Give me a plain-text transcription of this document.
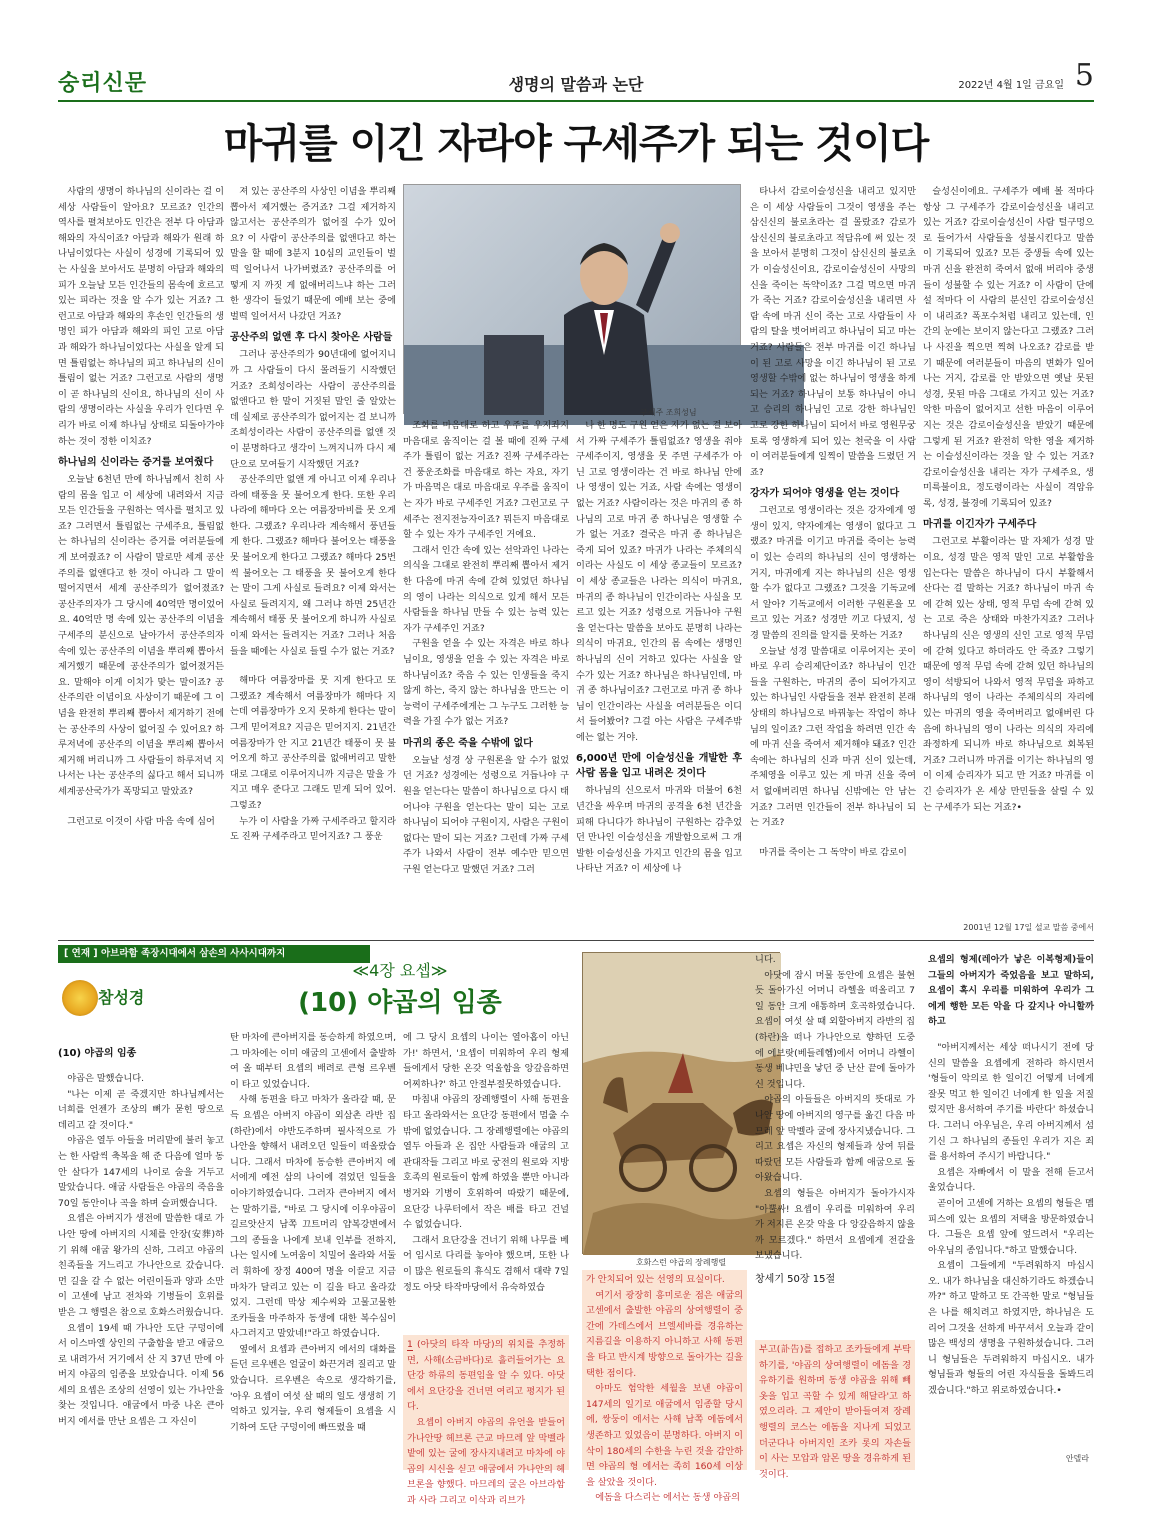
숭리신문	생명의 말씀과 논단	2022년 4월 1일 금요일 5
마귀를 이긴 자라야 구세주가 되는 것이다

사람의 생명이 하나님의 신이라는 걸 이 세상 사람들이 알아요? 모르죠? 인간의 역사를 펼쳐보아도 인간은 전부 다 아담과 해와의 자식이죠? 아담과 해와가 원래 하나님이었다는 사실이 성경에 기록되어 있는 사실을 보아서도 분명히 아담과 해와의 피가 오늘날 모든 인간들의 몸속에 흐르고 있는 피라는 것을 알 수가 있는 거죠? 그런고로 아담과 해와의 후손인 인간들의 생명인 피가 아담과 해와의 피인 고로 아담과 해와가 하나님이었다는 사실을 알게 되면 틀림없는 하나님의 피고 하나님의 신이 틀림이 없는 거죠? 그런고로 사람의 생명이 곧 하나님의 신이요, 하나님의 신이 사람의 생명이라는 사실을 우리가 인다면 우리가 바로 이제 하나님 상태로 되돌아가야 하는 것이 정한 이치죠?

하나님의 신이라는 증거를 보여줬다

오늘날 6천년 만에 하나님께서 친히 사람의 몸을 입고 이 세상에 내려와서 지금 모든 인간들을 구원하는 역사를 펼치고 있죠? 그러면서 틀림없는 구세주요, 틀림없는 하나님의 신이라는 증거를 여러분들에게 보여줬죠? 이 사람이 말로만 세계 공산주의를 없앤다고 한 것이 아니라 그 말이 떨어지면서 세계 공산주의가 없어졌죠? 공산주의자가 그 당시에 40억만 명이었어요. 40억만 명 속에 있는 공산주의 이념을 구세주의 분신으로 날아가서 공산주의자 속에 있는 공산주의 이념을 뿌리째 뽑아서 제거했기 때문에 공산주의가 없어졌거든요. 말해야 이게 이치가 맞는 말이죠? 공산주의란 이념이요 사상이기 때문에 그 이념을 완전히 뿌리째 뽑아서 제거하기 전에는 공산주의 사상이 없어질 수 있어요? 하루저녁에 공산주의 이념을 뿌리째 뽑아서 제거해 버리니까 그 사람들이 하루저녁 지나서는 나는 공산주의 싫다고 해서 되니까 세계공산국가가 폭망되고 말았죠?

그런고로 이것이 사람 마음 속에 심어

져 있는 공산주의 사상인 이념을 뿌리째 뽑아서 제거했는 증거죠? 그걸 제거하지 않고서는 공산주의가 없어질 수가 있어요? 이 사람이 공산주의를 없앤다고 하는 말을 할 때에 3분지 10심의 교인들이 벌떡 일어나서 나가버렸죠? 공산주의를 어떻게 지 까짓 게 없애버리느냐 하는 그러한 생각이 들었기 때문에 예배 보는 중에 벌떡 일어서서 나갔던 거죠?

공산주의 없앤 후 다시 찾아온 사람들

그러나 공산주의가 90년대에 없어지니까 그 사람들이 다시 몰려들기 시작했던 거죠? 조희성이라는 사람이 공산주의를 없앤다고 한 말이 거짓된 말인 줄 알았는데 실제로 공산주의가 없어지는 걸 보니까 조희성이라는 사람이 공산주의를 없앤 것이 분명하다고 생각이 느껴지니까 다시 제단으로 모여들기 시작했던 거죠?

공산주의만 없앤 게 아니고 이제 우리나라에 태풍을 못 불어오게 한다. 또한 우리나라에 해마다 오는 여름장마비를 못 오게 한다. 그랬죠? 우리나라 계속해서 풍년들게 한다. 그랬죠? 해마다 불어오는 태풍을 못 불어오게 한다고 그랬죠? 해마다 25번씩 불어오는 그 태풍을 못 불어오게 한다는 말이 그게 사실로 들려요? 이제 와서는 사실로 들려지지, 왜 그러냐 하면 25년간 계속해서 태풍 못 불어오게 하니까 사실로 이제 와서는 들려지는 거죠? 그러나 처음 들을 때에는 사실로 들릴 수가 없는 거죠?

해마다 여름장마를 못 지게 한다고 또 그랬죠? 계속해서 여름장마가 해마다 지는데 여름장마가 오지 못하게 한다는 말이 그게 믿어져요? 지금은 믿어지지. 21년간 여름장마가 안 지고 21년간 태풍이 못 불어오게 하고 공산주의를 없애버리고 말한 대로 그대로 이루어지니까 지금은 말을 가지고 매우 준다고 그래도 믿게 되어 있어. 그렇죠?

누가 이 사람을 가짜 구세주라고 할지라도 진짜 구세주라고 믿어지죠? 그 풍운

구세주 조희성님

조화를 마음대로 하고 우주를 우지좌지 마음대로 움직이는 걸 볼 때에 진짜 구세주가 틀림이 없는 거죠? 진짜 구세주라는 건 풍운조화를 마음대로 하는 자요, 자기가 마음먹은 대로 마음대로 우주를 움직이는 자가 바로 구세주인 거죠? 그런고로 구세주는 전지전능자이죠? 뭐든지 마음대로 할 수 있는 자가 구세주인 거에요.

그래서 인간 속에 있는 선악과인 나라는 의식을 그대로 완전히 뿌리째 뽑아서 제거한 다음에 마귀 속에 갇혀 있었던 하나님의 영이 나라는 의식으로 있게 해서 모든 사람들을 하나님 만들 수 있는 능력 있는 자가 구세주인 거죠?

구원을 얻을 수 있는 자격은 바로 하나님이요, 영생을 얻을 수 있는 자격은 바로 하나님이죠? 죽음 수 있는 인생들을 죽지 않게 하는, 죽지 않는 하나님을 만드는 이 능력이 구세주에게는 그 누구도 그러한 능력을 가질 수가 없는 거죠?

마귀의 종은 죽을 수밖에 없다

오늘날 성경 상 구원론을 알 수가 없었던 거죠? 성경에는 성령으로 거듭나야 구원을 얻는다는 말씀이 하나님으로 다시 태어나야 구원을 얻는다는 말이 되는 고로 하나님이 되어야 구원이지, 사람은 구원이 없다는 말이 되는 거죠? 그런데 가짜 구세주가 나와서 사람이 전부 예수만 믿으면 구원 얻는다고 말했던 거죠? 그러

나 한 명도 구원 얻은 자가 없는 걸 보아서 가짜 구세주가 틀림없죠? 영생을 줘야 구세주이지, 영생을 못 주면 구세주가 아닌 고로 영생이라는 건 바로 하나님 안에나 영생이 있는 거죠, 사람 속에는 영생이 없는 거죠? 사람이라는 것은 마귀의 종 하나님의 고로 마귀 종 하나님은 영생할 수가 없는 거죠? 결국은 마귀 종 하나님은 죽게 되어 있죠? 마귀가 나라는 주체의식이라는 사실도 이 세상 종교들이 모르죠? 이 세상 종교들은 나라는 의식이 마귀요, 마귀의 종 하나님이 인간이라는 사실을 모르고 있는 거죠? 성령으로 거듭나야 구원을 얻는다는 말씀을 보아도 분명히 나라는 의식이 마귀요, 인간의 몸 속에는 생명인 하나님의 신이 거하고 있다는 사실을 알 수가 있는 거죠? 하나님은 하나님인데, 마귀 종 하나님이죠? 그런고로 마귀 종 하나님이 인간이라는 사실을 여러분들은 이디서 들어봤어? 그걸 아는 사람은 구세주밖에는 없는 거야.

6,000년 만에 이슬성신을 개발한 후 사람 몸을 입고 내려온 것이다

하나님의 신으로서 마귀와 더불어 6천 년간을 싸우며 마귀의 공격을 6천 년간을 피해 다니다가 하나님이 구원하는 감추었던 만나인 이슬성신을 개발함으로써 그 개발한 이슬성신을 가지고 인간의 몸을 입고 나타난 거죠? 이 세상에 나

타나서 감로이슬성신을 내리고 있지만은 이 세상 사람들이 그것이 영생을 주는 삼신신의 불로초라는 걸 몰랐죠? 감로가 삼신신의 불로초라고 적담유에 써 있는 것을 보아서 분명히 그것이 삼신신의 불로초가 이슬성신이요, 감로이슬성신이 사망의 신을 죽이는 독약이죠? 그걸 먹으면 마귀가 죽는 거죠? 감로이슬성신을 내리면 사람 속에 마귀 신이 죽는 고로 사람들이 사람의 탈을 벗어버리고 하나님이 되고 마는 거죠? 사람들은 전부 마귀를 이긴 하나님이 된 고로 사망을 이긴 하나님이 된 고로 영생할 수밖에 없는 하나님이 영생을 하게 되는 거죠? 하나님이 보통 하나님이 아니고 승리의 하나님인 고로 강한 하나님인 고로 강한 하나님이 되어서 바로 영원무궁토록 영생하게 되어 있는 천국을 이 사람이 여러분들에게 일찍이 말씀을 드렸던 거죠?

강자가 되어야 영생을 얻는 것이다

그런고로 영생이라는 것은 강자에게 영생이 있지, 약자에게는 영생이 없다고 그랬죠? 마귀를 이기고 마귀를 죽이는 능력이 있는 승리의 하나님의 신이 영생하는 거지, 마귀에게 지는 하나님의 신은 영생할 수가 없다고 그랬죠? 그것을 기독교에서 알아? 기독교에서 이러한 구원론을 모르고 있는 거죠? 성경만 끼고 다녔지, 성경 말씀의 진의를 알지를 못하는 거죠?

오늘날 성경 말씀대로 이루어지는 곳이 바로 우리 승리제단이죠? 하나님이 인간들을 구원하는, 마귀의 종이 되어가지고 있는 하나님인 사람들을 전부 완전히 본래 상태의 하나님으로 바꿔놓는 작업이 하나님의 일이죠? 그런 작업을 하려면 인간 속에 마귀 신을 죽여서 제거해야 돼죠? 인간 속에는 하나님의 신과 마귀 신이 있는데, 주체영을 이루고 있는 게 마귀 신을 죽여서 없애버리면 하나님 신밖에는 안 남는 거죠? 그러면 인간들이 전부 하나님이 되는 거죠?

마귀를 죽이는 그 독약이 바로 감로이

슬성신이에요. 구세주가 예배 볼 적마다 항상 그 구세주가 감로이슬성신을 내리고 있는 거죠? 감로이슬성신이 사람 털구멍으로 들어가서 사람들을 성불시킨다고 말씀이 기록되어 있죠? 모든 중생들 속에 있는 마귀 신을 완전히 죽여서 없애 버리야 중생들이 성불할 수 있는 거죠? 이 사람이 단에 설 적마다 이 사람의 분신인 감로이슬성신이 내리죠? 폭포수처럼 내리고 있는데, 인간의 눈에는 보이지 않는다고 그랬죠? 그러나 사진을 찍으면 찍혀 나오죠? 감로를 받기 때문에 여러분들이 마음의 변화가 일어나는 거지, 감로를 안 받았으면 옛날 못된 성경, 못된 마음 그대로 가지고 있는 거죠? 악한 마음이 없어지고 선한 마음이 이루어지는 것은 감로이슬성신을 받았기 때문에 그렇게 된 거죠? 완전히 악한 영을 제거하는 이슬성신이라는 것을 알 수 있는 거죠? 감로이슬성신을 내리는 자가 구세주요, 생미륵불이요, 정도령이라는 사실이 격암유록, 성경, 불경에 기록되어 있죠?

마귀를 이긴자가 구세주다

그런고로 부활이라는 말 자체가 성경 말이요, 성경 말은 영적 말인 고로 부활함을 입는다는 말씀은 하나님이 다시 부활해서 산다는 걸 말하는 거죠? 하나님이 마귀 속에 갇혀 있는 상태, 영적 무덤 속에 갇혀 있는 고로 죽은 상태와 마찬가지죠? 그러나 하나님의 신은 영생의 신인 고로 영적 무덤에 갇혀 있다고 하더라도 안 죽죠? 그렇기 때문에 영적 무덤 속에 갇혀 있던 하나님의 영이 석방되어 나와서 영적 무덤을 파하고 하나님의 영이 나라는 주체의식의 자리에 있는 마귀의 영을 죽여버리고 없애버린 다음에 하나님의 영이 나라는 의식의 자리에 좌정하게 되니까 바로 하나님으로 회복된 거죠? 그러니까 마귀를 이기는 하나님의 영이 이제 승리자가 되고 만 거죠? 마귀를 이긴 승리자가 온 세상 만민들을 살릴 수 있는 구세주가 되는 거죠?•

2001년 12월 17일 설교 말씀 중에서
[ 연재 ] 아브라함 족장시대에서 삼손의 사사시대까지
≪4장 요셉≫
(10) 야곱의 임종
참성경
(10) 야곱의 임종

야곱은 말했습니다.

"나는 이제 곧 죽겠지만 하나님께서는 너희를 언젠가 조상의 뼈가 묻힌 땅으로 데리고 갈 것이다."

야곱은 열두 아들을 머리맡에 불러 놓고는 한 사람씩 축복을 해 준 다음에 얼마 동안 살다가 147세의 나이로 숨을 거두고 말았습니다. 애굽 사람들은 야곱의 죽음을 70일 동안이나 곡을 하며 슬퍼했습니다.

요셉은 아버지가 생전에 말씀한 대로 가나안 땅에 아버지의 시체를 안장(安葬)하기 위해 애굽 왕가의 신하, 그리고 야곱의 친족들을 거느리고 가나안으로 갔습니다. 먼 길을 갈 수 없는 어린이들과 양과 소만이 고센에 남고 전차와 기병들이 호위를 받은 그 행렬은 참으로 호화스러웠습니다.

요셉이 19세 때 가나안 도단 구덩이에서 이스마엘 상인의 구출함을 받고 애굽으로 내려가서 거기에서 산 지 37년 만에 아버지 야곱의 임종을 보았습니다. 이제 56세의 요셉은 조상의 선영이 있는 가나안을 찾는 것입니다. 애굽에서 마중 나온 큰아버지 에서를 만난 요셉은 그 자신이

탄 마차에 큰아버지를 동승하게 하였으며, 그 마차에는 이미 애굽의 고센에서 출발하여 올 때부터 요셉의 배려로 큰형 르우벤이 타고 있었습니다.

사해 동편을 타고 마차가 올라갈 때, 문득 요셉은 아버지 야곱이 외삼촌 라반 집(하란)에서 야반도주하며 필사적으로 가나안을 향해서 내려오던 일들이 떠올랐습니다. 그래서 마차에 동승한 큰아버지 에서에게 예전 삼의 나이에 겪었던 일들을 이야기하였습니다. 그러자 큰아버지 에서는 말하기를, "바로 그 당시에 이우야곱이 길르앗산지 남쪽 끄트머리 얍복강변에서 그의 종들을 나에게 보내 인부를 전하지, 나는 일시에 노여움이 치밀어 올라와 서둘러 휘하에 장정 400여 명을 이끌고 지금 마차가 달리고 있는 이 길을 타고 올라갔었지. 그런데 막상 제수씨와 고물고물한 조카들을 마주하자 동생에 대한 복수심이 사그러지고 말았네!"라고 하였습니다.

옆에서 요셉과 큰아버지 에서의 대화를 듣던 르우벤은 얼굴이 화끈거려 질리고 말았습니다. 르우벤은 속으로 생각하기를, '아우 요셉이 여섯 살 때의 일도 생생히 기억하고 있거늘, 우리 형제들이 요셉을 시기하여 도단 구덩이에 빠뜨렸을 때

에 그 당시 요셉의 나이는 열아홉이 아닌가!' 하면서, '요셉이 미워하여 우리 형제들에게서 당한 온갖 억울함을 앙갚음하면 어찌하나?' 하고 안절부절못하였습니다.

마침내 야곱의 장례행렬이 사해 동편을 타고 올라와서는 요단강 동편에서 멈출 수밖에 없었습니다. 그 장례행렬에는 야곱의 열두 아들과 온 집안 사람들과 애굽의 고관대작들 그리고 바로 궁전의 원로와 지방 호족의 원로들이 함께 하였을 뿐만 아니라 병거와 기병이 호위하여 따랐기 때문에, 요단강 나루터에서 작은 배를 타고 건널 수 없었습니다.

그래서 요단강을 건너기 위해 나무를 베어 임시로 다리를 놓아야 했으며, 또한 나이 많은 원로들의 휴식도 겸해서 대략 7일 정도 아닷 타작마당에서 유숙하였습

1 (아닷의 타작 마당)의 위치를 추정하면, 사해(소금바다)로 흘러들어가는 요단강 하류의 동편임을 알 수 있다. 아닷에서 요단강을 건너면 여리고 평지가 된다.

요셉이 아버지 야곱의 유언을 받들어 가나안땅 헤브론 근교 마므레 앞 막벨라 밭에 있는 굴에 장사지내려고 마차에 야곱의 시신을 싣고 애굽에서 가나안의 헤브론을 향했다. 마므레의 굴은 아브라함과 사라 그리고 이삭과 리브가

호화스런 야곱의 장례행렬

가 안치되어 있는 선영의 묘실이다.

여기서 광장히 흥미로운 점은 애굽의 고센에서 출발한 야곱의 상여행렬이 중간에 가데스에서 브엘세바를 경유하는 지름길을 이용하지 아니하고 사해 동편을 타고 반시계 방향으로 돌아가는 길을 택한 점이다.

아마도 험악한 세월을 보낸 야곱이 147세의 일기로 애굽에서 임종할 당시에, 쌍둥이 에서는 사해 남쪽 에돔에서 생존하고 있었음이 분명하다. 아버지 이삭이 180세의 수한을 누린 것을 감안하면 야곱의 형 에서는 족히 160세 이상을 살았을 것이다.

에돔을 다스리는 에서는 동생 야곱의

니다.

아닷에 잠시 머물 동안에 요셉은 불현듯 돌아가신 어머니 라헬을 떠올리고 7일 동안 크게 애통하며 호곡하였습니다. 요셉이 여섯 살 때 외할아버지 라반의 집(하란)을 떠나 가나안으로 향하던 도중에 에브랏(베들레헴)에서 어머니 라헬이 동생 베냐민을 낳던 중 난산 끝에 돌아가신 것입니다.

야곱의 아들들은 아버지의 뜻대로 가나안 땅에 아버지의 영구를 옮긴 다음 마므레 앞 막벨라 굴에 장사지냈습니다. 그리고 요셉은 자신의 형제들과 상여 뒤를 따랐던 모든 사람들과 함께 애굽으로 돌아왔습니다.

요셉의 형들은 아버지가 돌아가시자 "아뿔싸! 요셉이 우리를 미워하여 우리가 저지른 온갖 악을 다 앙갚음하지 않을까 모르겠다." 하면서 요셉에게 전갈을 보냈습니다.

창세기 50장 15절

부고(訃告)를 접하고 조카들에게 부탁하기를, '야곱의 상여행렬이 에돔을 경유하기를 원하며 동생 야곱을 위해 빼옷을 입고 곡할 수 있게 해달라'고 하였으리라. 그 제안이 받아들여져 장례행렬의 코스는 에돔을 지나게 되었고 더군다나 아버지인 조카 롯의 자손들이 사는 모압과 암몬 땅을 경유하게 된 것이다.

요셉의 형제(레아가 낳은 이복형제)들이 그들의 아버지가 죽었음을 보고 말하되, 요셉이 혹시 우리를 미워하여 우리가 그에게 행한 모든 악을 다 갚지나 아니할까 하고

"아버지께서는 세상 떠나시기 전에 당신의 말씀을 요셉에게 전하라 하시면서 '형들이 악의로 한 일이긴 어떻게 너에게 잘못 먹고 한 일이긴 너에게 한 일을 저질렀지만 용서하여 주기를 바란다' 하셨습니다. 그러니 아우님은, 우리 아버지께서 섬기신 그 하나님의 종들인 우리가 지은 죄를 용서하여 주시기 바랍니다."

요셉은 자빠에서 이 말을 전해 듣고서 울었습니다.

곧이어 고센에 거하는 요셉의 형들은 멤피스에 있는 요셉의 저택을 방문하였습니다. 그들은 요셉 앞에 엎드려서 "우리는 아우님의 종입니다."하고 말했습니다.

요셉이 그들에게 "두려워하지 마십시오. 내가 하나님을 대신하기라도 하겠습니까?" 하고 말하고 또 간곡한 말로 "형님들은 나를 해치려고 하였지만, 하나님은 도리어 그것을 선하게 바꾸셔서 오늘과 같이 많은 백성의 생명을 구원하셨습니다. 그러니 형님들은 두려워하지 마십시오. 내가 형님들과 형들의 어린 자식들을 돌봐드리겠습니다."하고 위로하였습니다.•

안델라
